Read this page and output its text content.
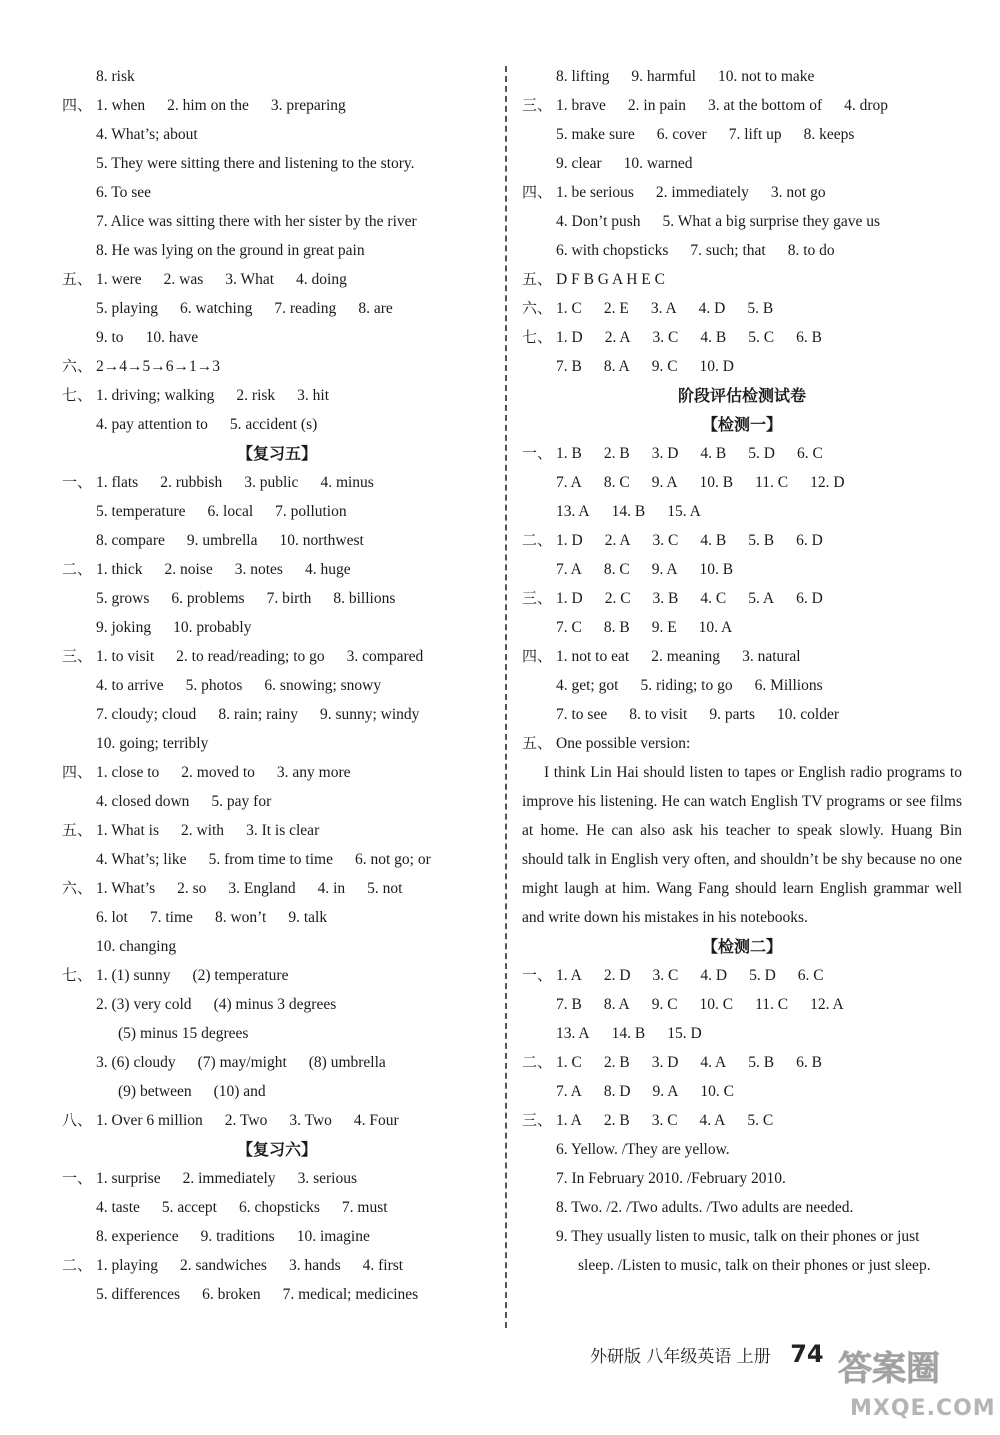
8. risk
四、 1. when 2. him on the 3. preparing
4. What’s; about
5. They were sitting there and listening to the story.
6. To see
7. Alice was sitting there with her sister by the river
8. He was lying on the ground in great pain
五、 1. were 2. was 3. What 4. doing
5. playing 6. watching 7. reading 8. are
9. to 10. have
六、 2→4→5→6→1→3
七、 1. driving; walking 2. risk 3. hit
4. pay attention to 5. accident (s)
【复习五】
一、 1. flats 2. rubbish 3. public 4. minus
5. temperature 6. local 7. pollution
8. compare 9. umbrella 10. northwest
二、 1. thick 2. noise 3. notes 4. huge
5. grows 6. problems 7. birth 8. billions
9. joking 10. probably
三、 1. to visit 2. to read/reading; to go 3. compared
4. to arrive 5. photos 6. snowing; snowy
7. cloudy; cloud 8. rain; rainy 9. sunny; windy
10. going; terribly
四、 1. close to 2. moved to 3. any more
4. closed down 5. pay for
五、 1. What is 2. with 3. It is clear
4. What’s; like 5. from time to time 6. not go; or
六、 1. What’s 2. so 3. England 4. in 5. not
6. lot 7. time 8. won’t 9. talk
10. changing
七、 1. (1) sunny (2) temperature
2. (3) very cold (4) minus 3 degrees
(5) minus 15 degrees
3. (6) cloudy (7) may/might (8) umbrella
(9) between (10) and
八、 1. Over 6 million 2. Two 3. Two 4. Four
【复习六】
一、 1. surprise 2. immediately 3. serious
4. taste 5. accept 6. chopsticks 7. must
8. experience 9. traditions 10. imagine
二、 1. playing 2. sandwiches 3. hands 4. first
5. differences 6. broken 7. medical; medicines
8. lifting 9. harmful 10. not to make
三、 1. brave 2. in pain 3. at the bottom of 4. drop
5. make sure 6. cover 7. lift up 8. keeps
9. clear 10. warned
四、 1. be serious 2. immediately 3. not go
4. Don’t push 5. What a big surprise they gave us
6. with chopsticks 7. such; that 8. to do
五、 D F B G A H E C
六、 1. C 2. E 3. A 4. D 5. B
七、 1. D 2. A 3. C 4. B 5. C 6. B
7. B 8. A 9. C 10. D
阶段评估检测试卷
【检测一】
一、 1. B 2. B 3. D 4. B 5. D 6. C
7. A 8. C 9. A 10. B 11. C 12. D
13. A 14. B 15. A
二、 1. D 2. A 3. C 4. B 5. B 6. D
7. A 8. C 9. A 10. B
三、 1. D 2. C 3. B 4. C 5. A 6. D
7. C 8. B 9. E 10. A
四、 1. not to eat 2. meaning 3. natural
4. get; got 5. riding; to go 6. Millions
7. to see 8. to visit 9. parts 10. colder
五、 One possible version:

I think Lin Hai should listen to tapes or English radio programs to improve his listening. He can watch English TV programs or see films at home. He can also ask his teacher to speak slowly. Huang Bin should talk in English very often, and shouldn’t be shy because no one might laugh at him. Wang Fang should learn English grammar well and write down his mistakes in his notebooks.

【检测二】
一、 1. A 2. D 3. C 4. D 5. D 6. C
7. B 8. A 9. C 10. C 11. C 12. A
13. A 14. B 15. D
二、 1. C 2. B 3. D 4. A 5. B 6. B
7. A 8. D 9. A 10. C
三、 1. A 2. B 3. C 4. A 5. C
6. Yellow. /They are yellow.
7. In February 2010. /February 2010.
8. Two. /2. /Two adults. /Two adults are needed.
9. They usually listen to music, talk on their phones or just
sleep. /Listen to music, talk on their phones or just sleep.
外研版 八年级英语 上册 74 答案圈
MXQE.COM
